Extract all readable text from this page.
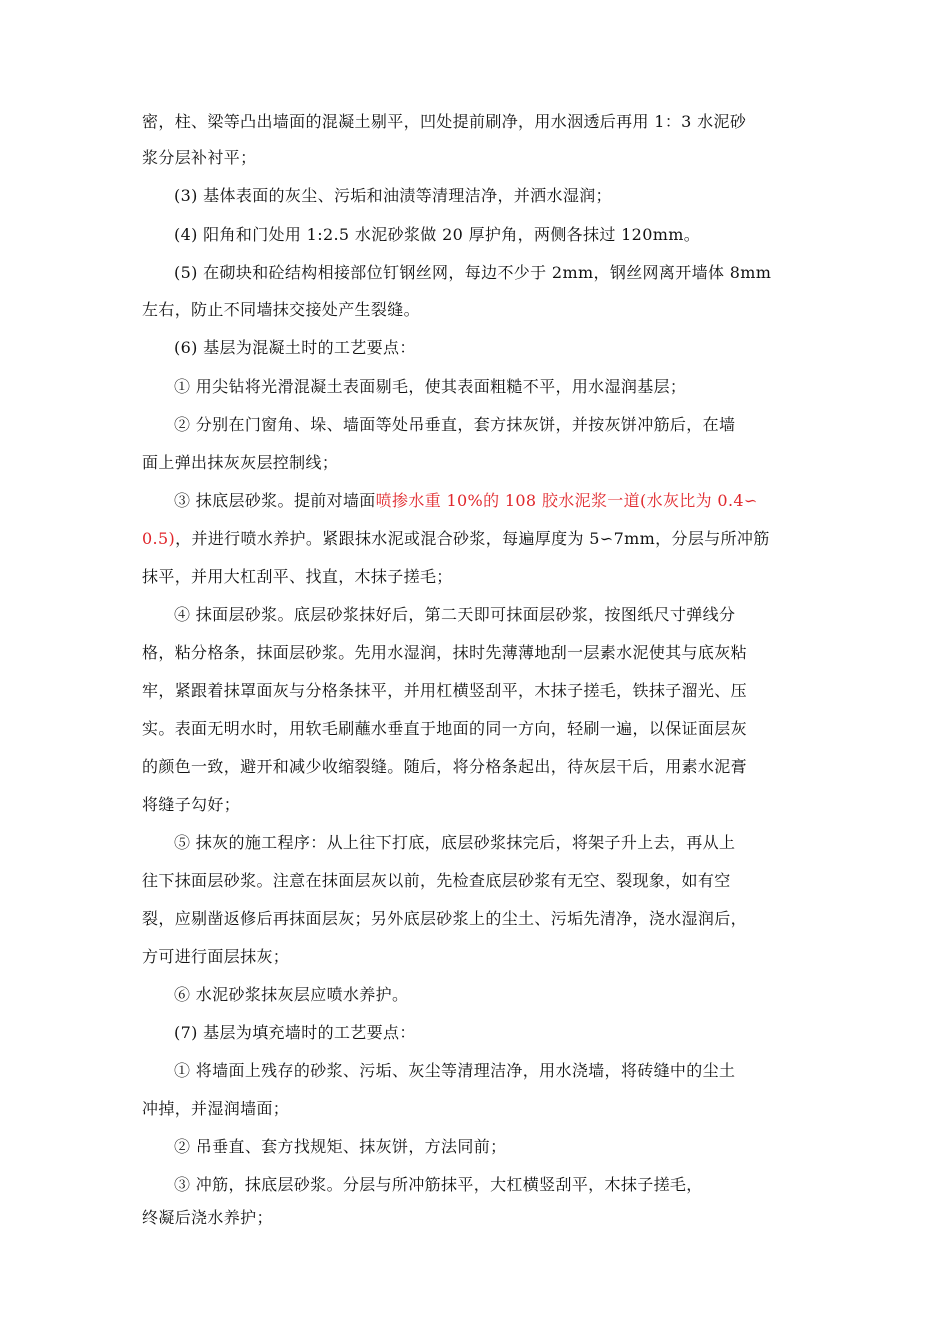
密，柱、梁等凸出墙面的混凝土剔平，凹处提前刷净，用水洇透后再用 1：3 水泥砂
浆分层补衬平；
(3) 基体表面的灰尘、污垢和油渍等清理洁净，并洒水湿润；
(4) 阳角和门处用 1:2.5 水泥砂浆做 20 厚护角，两侧各抹过 120mm。
(5) 在砌块和砼结构相接部位钉钢丝网，每边不少于 2mm，钢丝网离开墙体 8mm
左右，防止不同墙抹交接处产生裂缝。
(6) 基层为混凝土时的工艺要点：
① 用尖钻将光滑混凝土表面剔毛，使其表面粗糙不平，用水湿润基层；
② 分别在门窗角、垛、墙面等处吊垂直，套方抹灰饼，并按灰饼冲筋后，在墙
面上弹出抹灰灰层控制线；
③ 抹底层砂浆。提前对墙面喷掺水重 10%的 108 胶水泥浆一道(水灰比为 0.4∽
0.5)，并进行喷水养护。紧跟抹水泥或混合砂浆，每遍厚度为 5∽7mm，分层与所冲筋
抹平，并用大杠刮平、找直，木抹子搓毛；
④ 抹面层砂浆。底层砂浆抹好后，第二天即可抹面层砂浆，按图纸尺寸弹线分
格，粘分格条，抹面层砂浆。先用水湿润，抹时先薄薄地刮一层素水泥使其与底灰粘
牢，紧跟着抹罩面灰与分格条抹平，并用杠横竖刮平，木抹子搓毛，铁抹子溜光、压
实。表面无明水时，用软毛刷蘸水垂直于地面的同一方向，轻刷一遍，以保证面层灰
的颜色一致，避开和减少收缩裂缝。随后，将分格条起出，待灰层干后，用素水泥膏
将缝子勾好；
⑤ 抹灰的施工程序：从上往下打底，底层砂浆抹完后，将架子升上去，再从上
往下抹面层砂浆。注意在抹面层灰以前，先检查底层砂浆有无空、裂现象，如有空
裂，应剔凿返修后再抹面层灰；另外底层砂浆上的尘土、污垢先清净，浇水湿润后，
方可进行面层抹灰；
⑥ 水泥砂浆抹灰层应喷水养护。
(7) 基层为填充墙时的工艺要点：
① 将墙面上残存的砂浆、污垢、灰尘等清理洁净，用水浇墙，将砖缝中的尘土
冲掉，并湿润墙面；
② 吊垂直、套方找规矩、抹灰饼，方法同前；
③ 冲筋，抹底层砂浆。分层与所冲筋抹平，大杠横竖刮平，木抹子搓毛，
终凝后浇水养护；
